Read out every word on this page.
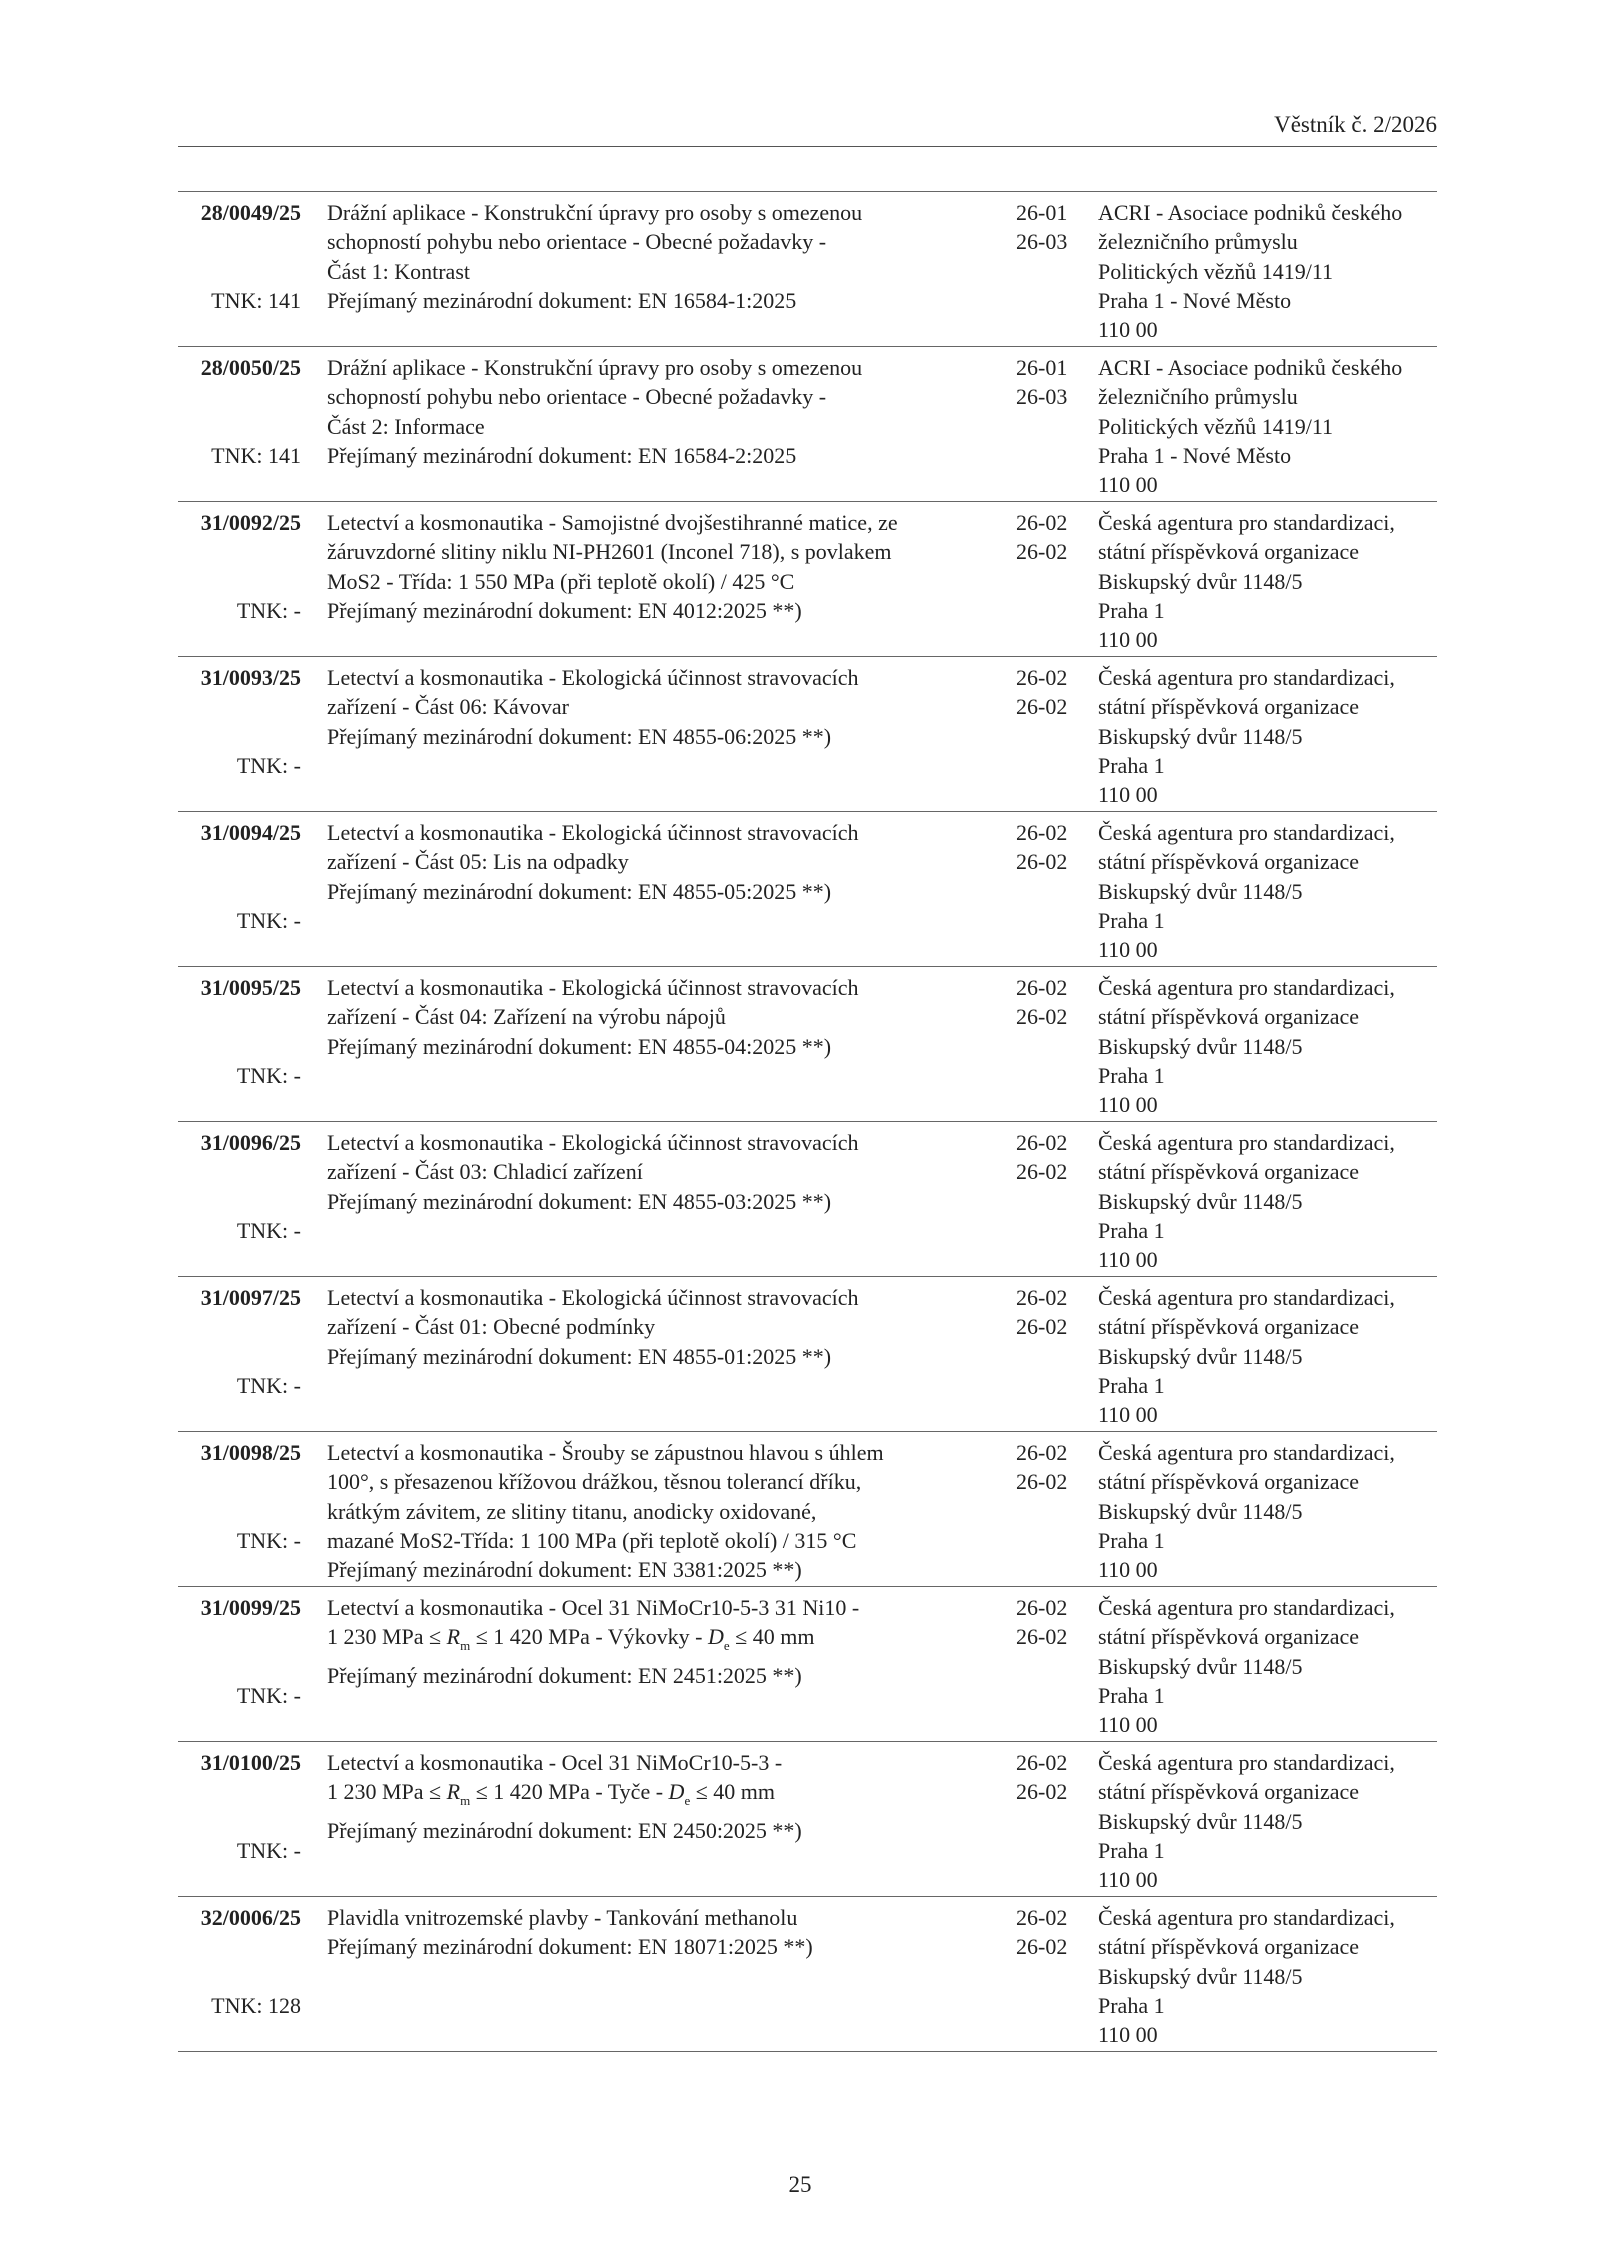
Věstník č. 2/2026
28/0049/25
TNK: 141
Drážní aplikace - Konstrukční úpravy pro osoby s omezenou
schopností pohybu nebo orientace - Obecné požadavky -
Část 1: Kontrast
Přejímaný mezinárodní dokument: EN 16584-1:2025
26-01
26-03
ACRI - Asociace podniků českého
železničního průmyslu
Politických vězňů 1419/11
Praha 1 - Nové Město
110 00
28/0050/25
TNK: 141
Drážní aplikace - Konstrukční úpravy pro osoby s omezenou
schopností pohybu nebo orientace - Obecné požadavky -
Část 2: Informace
Přejímaný mezinárodní dokument: EN 16584-2:2025
26-01
26-03
ACRI - Asociace podniků českého
železničního průmyslu
Politických vězňů 1419/11
Praha 1 - Nové Město
110 00
31/0092/25
TNK: -
Letectví a kosmonautika - Samojistné dvojšestihranné matice, ze
žáruvzdorné slitiny niklu NI-PH2601 (Inconel 718), s povlakem
MoS2 - Třída: 1 550 MPa (při teplotě okolí) / 425 °C
Přejímaný mezinárodní dokument: EN 4012:2025 **)
26-02
26-02
Česká agentura pro standardizaci,
státní příspěvková organizace
Biskupský dvůr 1148/5
Praha 1
110 00
31/0093/25
TNK: -
Letectví a kosmonautika - Ekologická účinnost stravovacích
zařízení - Část 06: Kávovar
Přejímaný mezinárodní dokument: EN 4855-06:2025 **)
26-02
26-02
Česká agentura pro standardizaci,
státní příspěvková organizace
Biskupský dvůr 1148/5
Praha 1
110 00
31/0094/25
TNK: -
Letectví a kosmonautika - Ekologická účinnost stravovacích
zařízení - Část 05: Lis na odpadky
Přejímaný mezinárodní dokument: EN 4855-05:2025 **)
26-02
26-02
Česká agentura pro standardizaci,
státní příspěvková organizace
Biskupský dvůr 1148/5
Praha 1
110 00
31/0095/25
TNK: -
Letectví a kosmonautika - Ekologická účinnost stravovacích
zařízení - Část 04: Zařízení na výrobu nápojů
Přejímaný mezinárodní dokument: EN 4855-04:2025 **)
26-02
26-02
Česká agentura pro standardizaci,
státní příspěvková organizace
Biskupský dvůr 1148/5
Praha 1
110 00
31/0096/25
TNK: -
Letectví a kosmonautika - Ekologická účinnost stravovacích
zařízení - Část 03: Chladicí zařízení
Přejímaný mezinárodní dokument: EN 4855-03:2025 **)
26-02
26-02
Česká agentura pro standardizaci,
státní příspěvková organizace
Biskupský dvůr 1148/5
Praha 1
110 00
31/0097/25
TNK: -
Letectví a kosmonautika - Ekologická účinnost stravovacích
zařízení - Část 01: Obecné podmínky
Přejímaný mezinárodní dokument: EN 4855-01:2025 **)
26-02
26-02
Česká agentura pro standardizaci,
státní příspěvková organizace
Biskupský dvůr 1148/5
Praha 1
110 00
31/0098/25
TNK: -
Letectví a kosmonautika - Šrouby se zápustnou hlavou s úhlem
100°, s přesazenou křížovou drážkou, těsnou tolerancí dříku,
krátkým závitem, ze slitiny titanu, anodicky oxidované,
mazané MoS2-Třída: 1 100 MPa (při teplotě okolí) / 315 °C
Přejímaný mezinárodní dokument: EN 3381:2025 **)
26-02
26-02
Česká agentura pro standardizaci,
státní příspěvková organizace
Biskupský dvůr 1148/5
Praha 1
110 00
31/0099/25
TNK: -
Letectví a kosmonautika - Ocel 31 NiMoCr10-5-3 31 Ni10 -
1 230 MPa ≤ $R_m \le 1$ 420 MPa - Výkovky - $D_e \le 40$ mm
Přejímaný mezinárodní dokument: EN 2451:2025 **)
26-02
26-02
Česká agentura pro standardizaci,
státní příspěvková organizace
Biskupský dvůr 1148/5
Praha 1
110 00
31/0100/25
TNK: -
Letectví a kosmonautika - Ocel 31 NiMoCr10-5-3 -
1 230 MPa ≤ $R_m \le 1$ 420 MPa - Tyče - $D_e \le 40$ mm
Přejímaný mezinárodní dokument: EN 2450:2025 **)
26-02
26-02
Česká agentura pro standardizaci,
státní příspěvková organizace
Biskupský dvůr 1148/5
Praha 1
110 00
32/0006/25
TNK: 128
Plavidla vnitrozemské plavby - Tankování methanolu
Přejímaný mezinárodní dokument: EN 18071:2025 **)
26-02
26-02
Česká agentura pro standardizaci,
státní příspěvková organizace
Biskupský dvůr 1148/5
Praha 1
110 00
25
